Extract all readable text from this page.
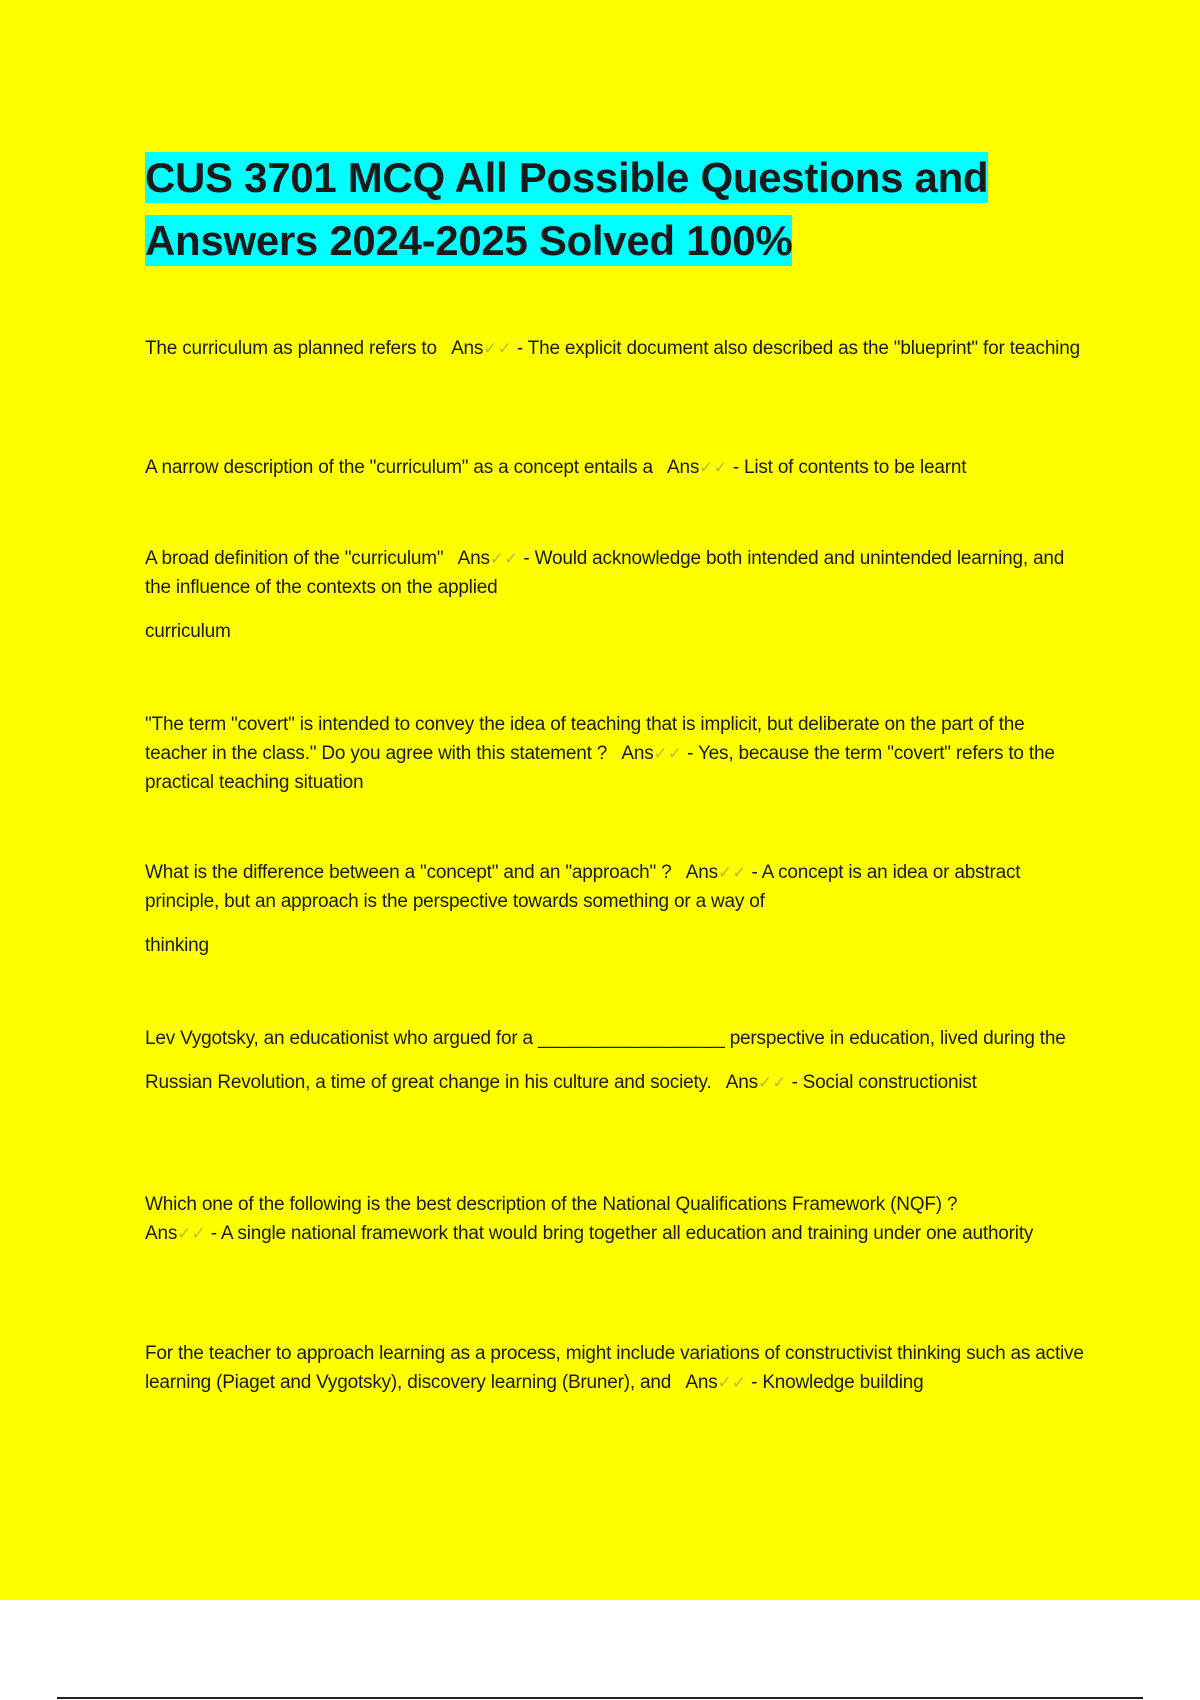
CUS 3701 MCQ All Possible Questions and
Answers 2024-2025 Solved 100%

The curriculum as planned refers to Ans✓✓ - The explicit document also described as the "blueprint" for teaching

A narrow description of the "curriculum" as a concept entails a Ans✓✓ - List of contents to be learnt

A broad definition of the "curriculum" Ans✓✓ - Would acknowledge both intended and unintended learning, and the influence of the contexts on the applied
curriculum

"The term "covert" is intended to convey the idea of teaching that is implicit, but deliberate on the part of the teacher in the class." Do you agree with this statement ? Ans✓✓ - Yes, because the term "covert" refers to the practical teaching situation

What is the difference between a "concept" and an "approach" ? Ans✓✓ - A concept is an idea or abstract principle, but an approach is the perspective towards something or a way of
thinking

Lev Vygotsky, an educationist who argued for a __________________ perspective in education, lived during the
Russian Revolution, a time of great change in his culture and society. Ans✓✓ - Social constructionist

Which one of the following is the best description of the National Qualifications Framework (NQF) ?
Ans✓✓ - A single national framework that would bring together all education and training under one authority

For the teacher to approach learning as a process, might include variations of constructivist thinking such as active learning (Piaget and Vygotsky), discovery learning (Bruner), and Ans✓✓ - Knowledge building
